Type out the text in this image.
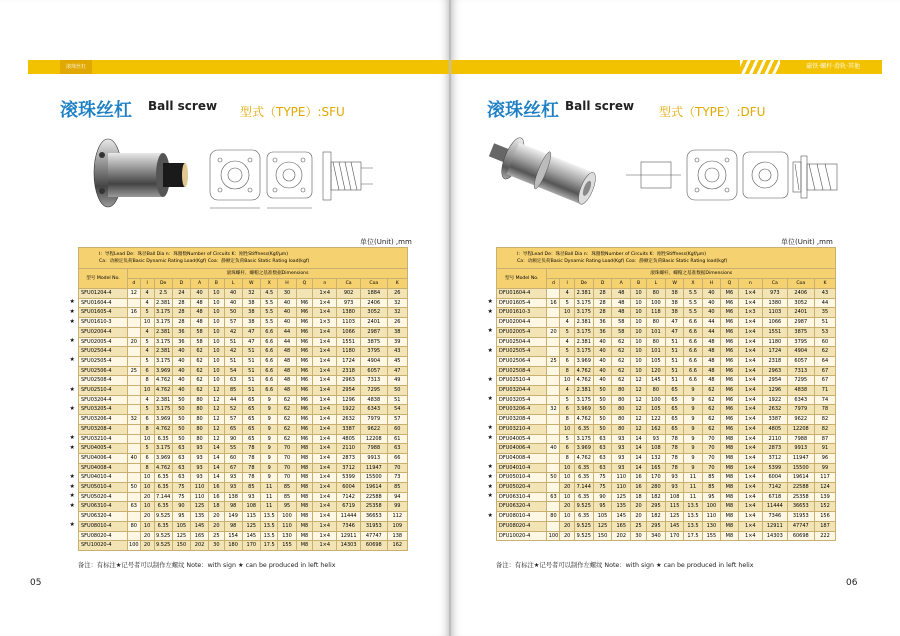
滚珠丝杠
滚珠丝杠 Ball screw 型式（TYPE）:SFU
单位(Unit) ,mm
l：导程Lead De：珠径Ball Dia n：珠圈数Number of Circuits K：刚性Stiffness(Kgf/μm)
Ca：动额定负荷Basic Dynamic Rating Load(Kgf) Coa：静额定负荷Basic Static Rating load(kgf)															
型号 Model No.	滚珠螺杆、螺帽之基准数据Dimensions														
	d	l	De	D	A	B	L	W	X	H	Q	n	Ca	Coa	K
SFU01204-4	12	4	2.5	24	40	10	40	32	4.5	30		1×4	902	1884	26
SFU01604-4		4	2.381	28	48	10	40	38	5.5	40	M6	1×4	973	2406	32
SFU01605-4	16	5	3.175	28	48	10	50	38	5.5	40	M6	1×4	1380	3052	32
SFU01610-3		10	3.175	28	48	10	57	38	5.5	40	M6	1×3	1103	2401	26
SFU02004-4		4	2.381	36	58	10	42	47	6.6	44	M6	1×4	1066	2987	38
SFU02005-4	20	5	3.175	36	58	10	51	47	6.6	44	M6	1×4	1551	3875	39
SFU02504-4		4	2.381	40	62	10	42	51	6.6	48	M6	1×4	1180	3795	43
SFU02505-4		5	3.175	40	62	10	51	51	6.6	48	M6	1×4	1724	4904	45
SFU02506-4	25	6	3.969	40	62	10	54	51	6.6	48	M6	1×4	2318	6057	47
SFU02508-4		8	4.762	40	62	10	63	51	6.6	48	M6	1×4	2963	7313	49
SFU02510-4		10	4.762	40	62	12	85	51	6.6	48	M6	1×4	2954	7295	50
SFU03204-4		4	2.381	50	80	12	44	65	9	62	M6	1×4	1296	4838	51
SFU03205-4		5	3.175	50	80	12	52	65	9	62	M6	1×4	1922	6343	54
SFU03206-4	32	6	3.969	50	80	12	57	65	9	62	M6	1×4	2632	7979	57
SFU03208-4		8	4.762	50	80	12	65	65	9	62	M6	1×4	3387	9622	60
SFU03210-4		10	6.35	50	80	12	90	65	9	62	M6	1×4	4805	12208	61
SFU04005-4		5	3.175	63	93	14	55	78	9	70	M8	1×4	2110	7988	63
SFU04006-4	40	6	3.969	63	93	14	60	78	9	70	M8	1×4	2873	9913	66
SFU04008-4		8	4.762	63	93	14	67	78	9	70	M8	1×4	3712	11947	70
SFU04010-4		10	6.35	63	93	14	93	78	9	70	M8	1×4	5399	15500	73
SFU05010-4	50	10	6.35	75	110	16	93	85	11	85	M8	1×4	6004	19614	85
SFU05020-4		20	7.144	75	110	16	138	93	11	85	M8	1×4	7142	22588	94
SFU06310-4	63	10	6.35	90	125	18	98	108	11	95	M8	1×4	6719	25358	99
SFU06320-4		20	9.525	95	135	20	149	115	13.5	100	M8	1×4	11444	36653	112
SFU08010-4	80	10	6.35	105	145	20	98	125	13.5	110	M8	1×4	7346	31953	109
SFU08020-4		20	9.525	125	165	25	154	145	13.5	130	M8	1×4	12911	47747	138
SFU10020-4	100	20	9.525	150	202	30	180	170	17.5	155	M8	1×4	14303	60698	162
备注：有标注★记号者可以制作左螺纹 Note：with sign ★ can be produced in left helix
05
★
★
★
★
★
★
★
★
★
★
★
★
★
★
磁铁·螺杆·滑轨·其他
滚珠丝杠 Ball screw 型式（TYPE）:DFU
单位(Unit) ,mm
l：导程Lead De：珠径Ball Dia n：珠圈数Number of Circuits K：刚性Stiffness(Kgf/μm)
Ca：动额定负荷Basic Dynamic Rating Load(Kgf) Coa：静额定负荷Basic Static Rating load(kgf)															
型号 Model No.	滚珠螺杆、螺帽之基准数据Dimensions														
	d	l	De	D	A	B	L	W	X	H	Q	n	Ca	Coa	K
DFU01604-4		4	2.381	28	48	10	80	38	5.5	40	M6	1×4	973	2406	43
DFU01605-4	16	5	3.175	28	48	10	100	38	5.5	40	M6	1×4	1380	3052	44
DFU01610-3		10	3.175	28	48	10	118	38	5.5	40	M6	1×3	1103	2401	35
DFU02004-4		4	2.381	36	58	10	80	47	6.6	44	M6	1×4	1066	2987	51
DFU02005-4	20	5	3.175	36	58	10	101	47	6.6	44	M6	1×4	1551	3875	53
DFU02504-4		4	2.381	40	62	10	80	51	6.6	48	M6	1×4	1180	3795	60
DFU02505-4		5	3.175	40	62	10	101	51	6.6	48	M6	1×4	1724	4904	62
DFU02506-4	25	6	3.969	40	62	10	105	51	6.6	48	M6	1×4	2318	6057	64
DFU02508-4		8	4.762	40	62	10	120	51	6.6	48	M6	1×4	2963	7313	67
DFU02510-4		10	4.762	40	62	12	145	51	6.6	48	M6	1×4	2954	7295	67
DFU03204-4		4	2.381	50	80	12	80	65	9	62	M6	1×4	1296	4838	71
DFU03205-4		5	3.175	50	80	12	100	65	9	62	M6	1×4	1922	6343	74
DFU03206-4	32	6	3.969	50	80	12	105	65	9	62	M6	1×4	2632	7979	78
DFU03208-4		8	4.762	50	80	12	122	65	9	62	M6	1×4	3387	9622	82
DFU03210-4		10	6.35	50	80	12	162	65	9	62	M6	1×4	4805	12208	82
DFU04005-4		5	3.175	63	93	14	93	78	9	70	M8	1×4	2110	7988	87
DFU04006-4	40	6	3.969	63	93	14	108	78	9	70	M8	1×4	2873	9913	91
DFU04008-4		8	4.762	63	93	14	132	78	9	70	M8	1×4	3712	11947	96
DFU04010-4		10	6.35	63	93	14	165	78	9	70	M8	1×4	5399	15500	99
DFU05010-4	50	10	6.35	75	110	16	170	93	11	85	M8	1×4	6004	19614	117
DFU05020-4		20	7.144	75	110	16	280	93	11	85	M8	1×4	7142	22588	124
DFU06310-4	63	10	6.35	90	125	18	182	108	11	95	M8	1×4	6718	25358	139
DFU06320-4		20	9.525	95	135	20	295	115	13.5	100	M8	1×4	11444	36653	152
DFU08010-4	80	10	6.35	105	145	20	182	125	13.5	110	M8	1×4	7346	31953	156
DFU08020-4		20	9.525	125	165	25	295	145	13.5	130	M8	1×4	12911	47747	187
DFU10020-4	100	20	9.525	150	202	30	340	170	17.5	155	M8	1×4	14303	60698	222
备注：有标注★记号者可以制作左螺纹 Note：with sign ★ can be produced in left helix
06
★
★
★
★
★
★
★
★
★
★
★
★
★
